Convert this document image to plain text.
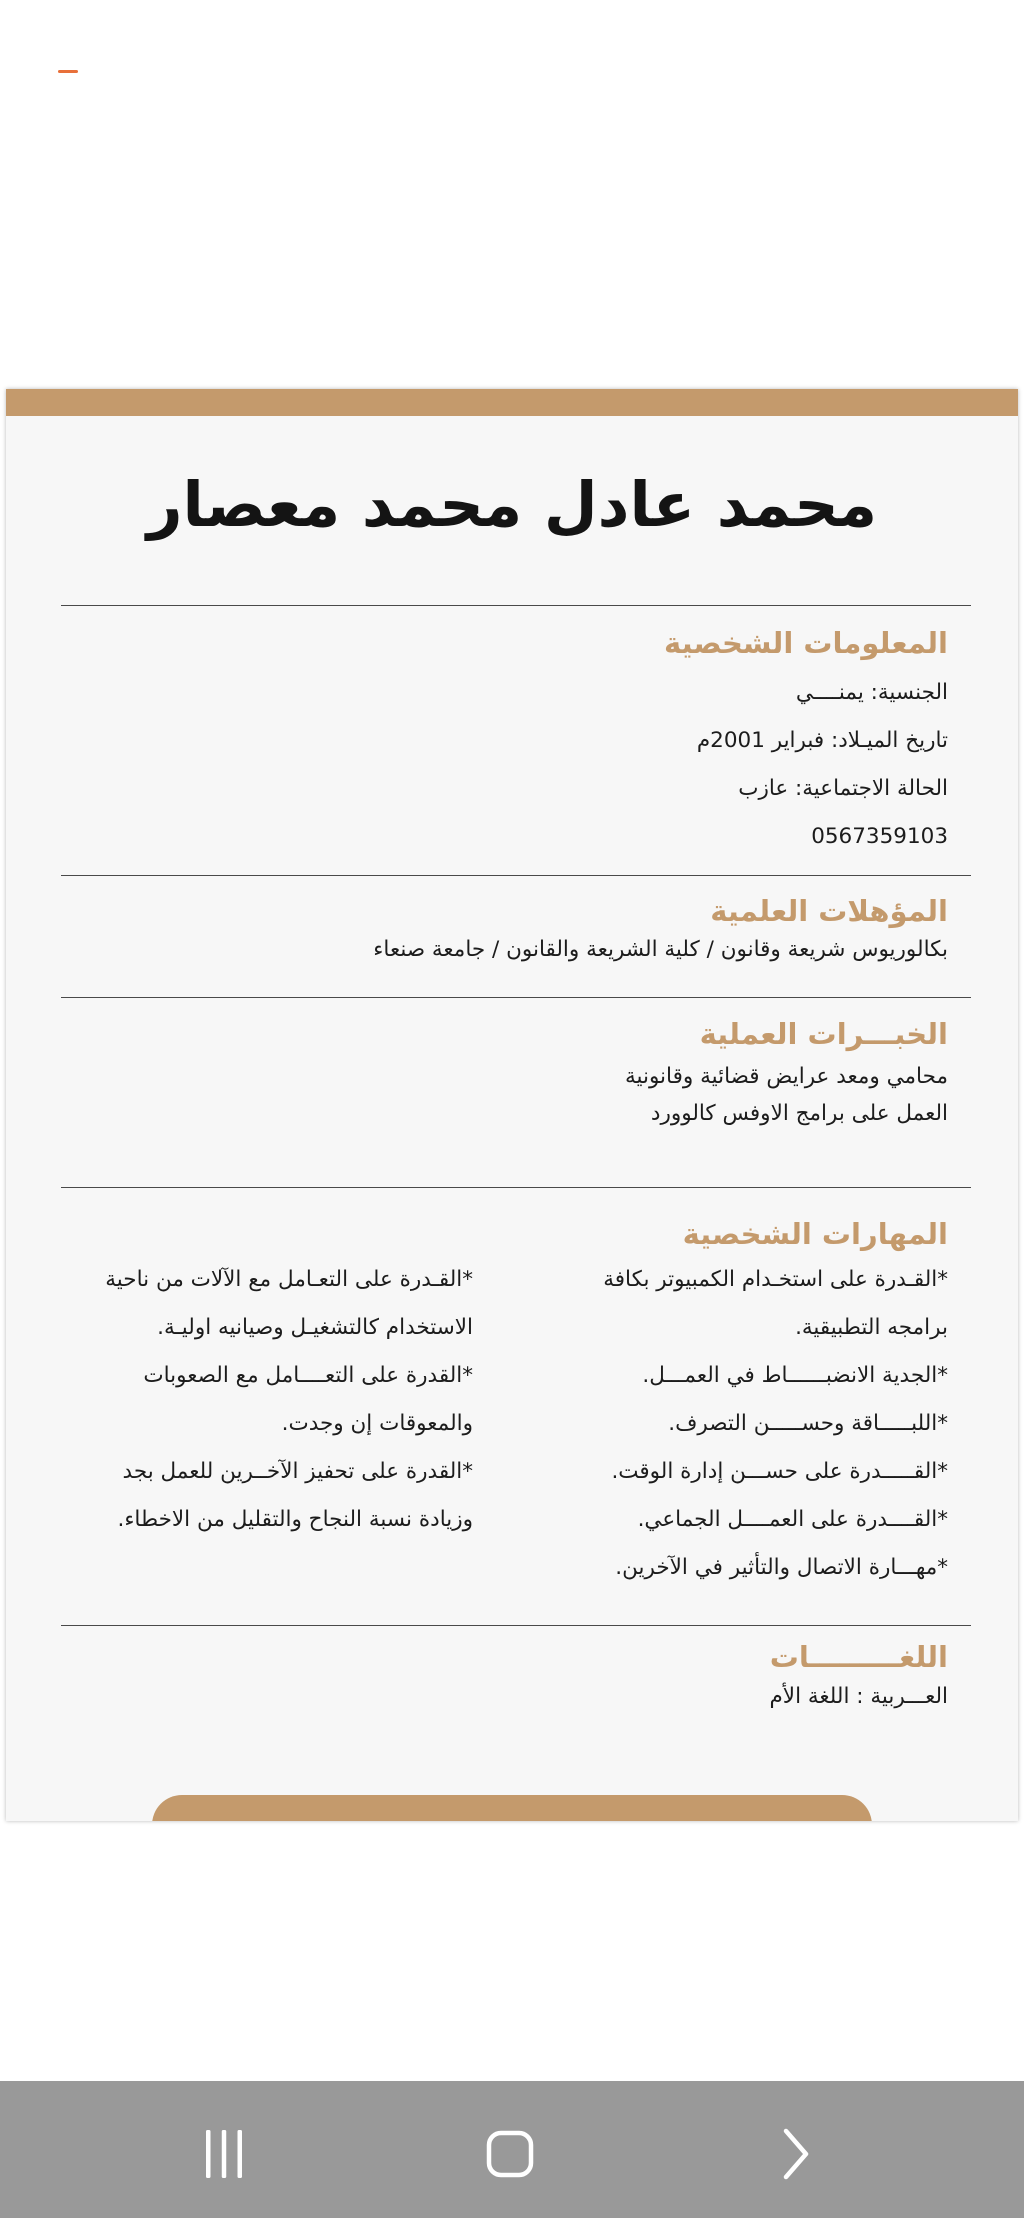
محمد عادل محمد معصار
المعلومات الشخصية
الجنسية: يمنــــي
تاريخ الميـلاد: فبراير 2001م
الحالة الاجتماعية: عازب
0567359103
المؤهلات العلمية
بكالوريوس شريعة وقانون / كلية الشريعة والقانون / جامعة صنعاء
الخبـــرات العملية
محامي ومعد عرايض قضائية وقانونية
العمل على برامج الاوفس كالوورد
المهارات الشخصية
*القـدرة على استخـدام الكمبيوتر بكافة
برامجه التطبيقية.
*الجدية الانضبــــــاط في العمـــل.
*اللبـــــاقة وحســـــن التصرف.
*القـــــدرة على حســـن إدارة الوقت.
*القــــدرة على العمــــل الجماعي.
*مهـــارة الاتصال والتأثير في الآخرين.
*القـدرة على التعـامل مع الآلات من ناحية
الاستخدام كالتشغيـل وصيانيه اوليـة.
*القدرة على التعــــامل مع الصعوبات
والمعوقات إن وجدت.
*القدرة على تحفيز الآخــرين للعمل بجد
وزيادة نسبة النجاح والتقليل من الاخطاء.
اللغـــــــــات
العـــربية : اللغة الأم
